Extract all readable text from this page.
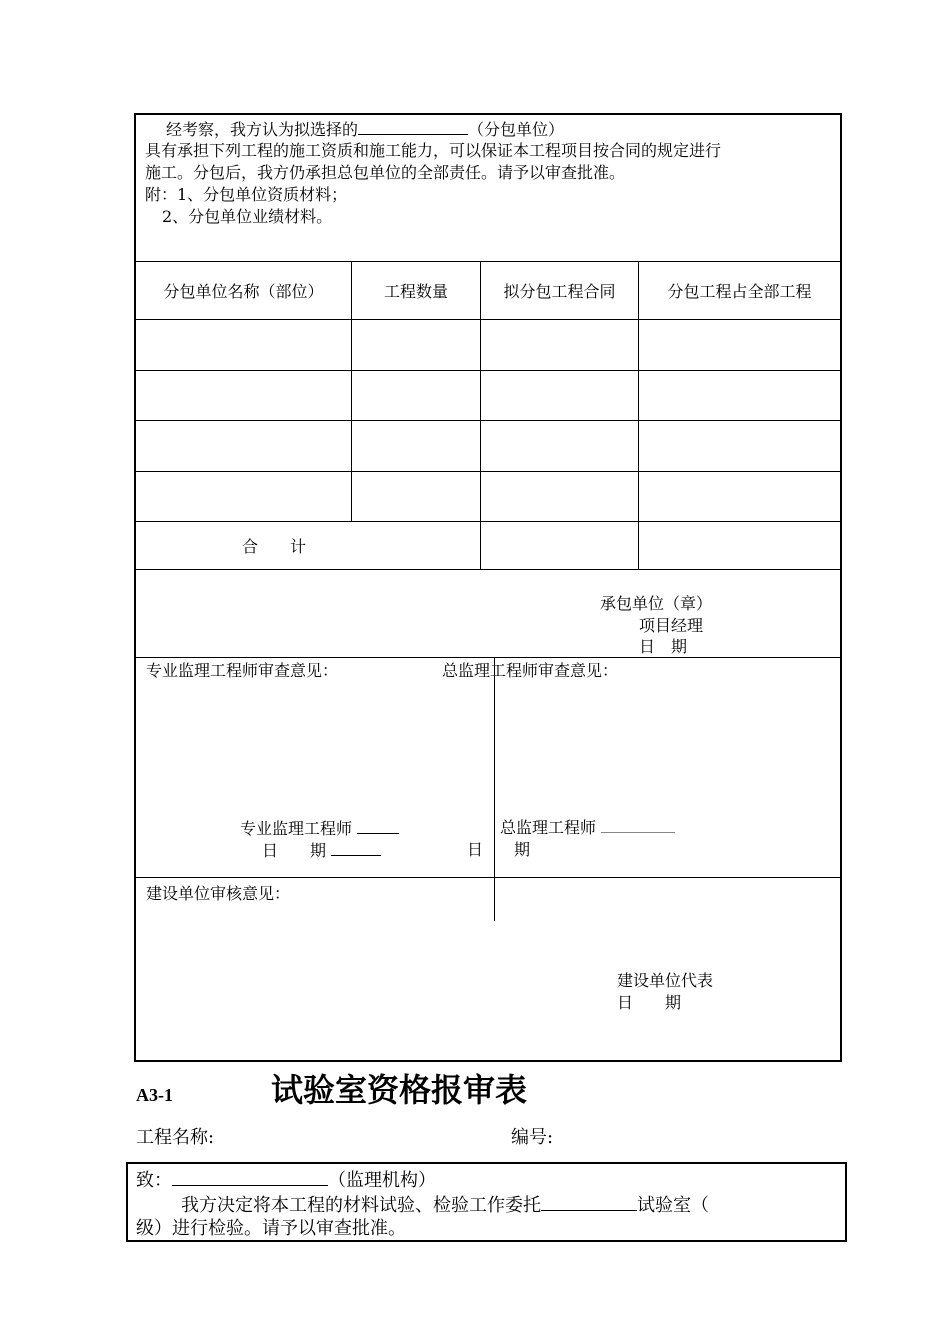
经考察，我方认为拟选择的	（分包单位）
具有承担下列工程的施工资质和施工能力，可以保证本工程项目按合同的规定进行
施工。分包后，我方仍承担总包单位的全部责任。请予以审查批准。
附：1、分包单位资质材料；
2、分包单位业绩材料。
分包单位名称（部位）	工程数量	拟分包工程合同	分包工程占全部工程
合　　计
承包单位（章）
项目经理
日　期
专业监理工程师审查意见：	总监理工程师审查意见：
专业监理工程师
日　　期
总监理工程师
日 期
建设单位审核意见：
建设单位代表
日　　期
A3-1	试验室资格报审表
工程名称:	编号:
致：	（监理机构）
我方决定将本工程的材料试验、检验工作委托	试验室（
级）进行检验。请予以审查批准。
